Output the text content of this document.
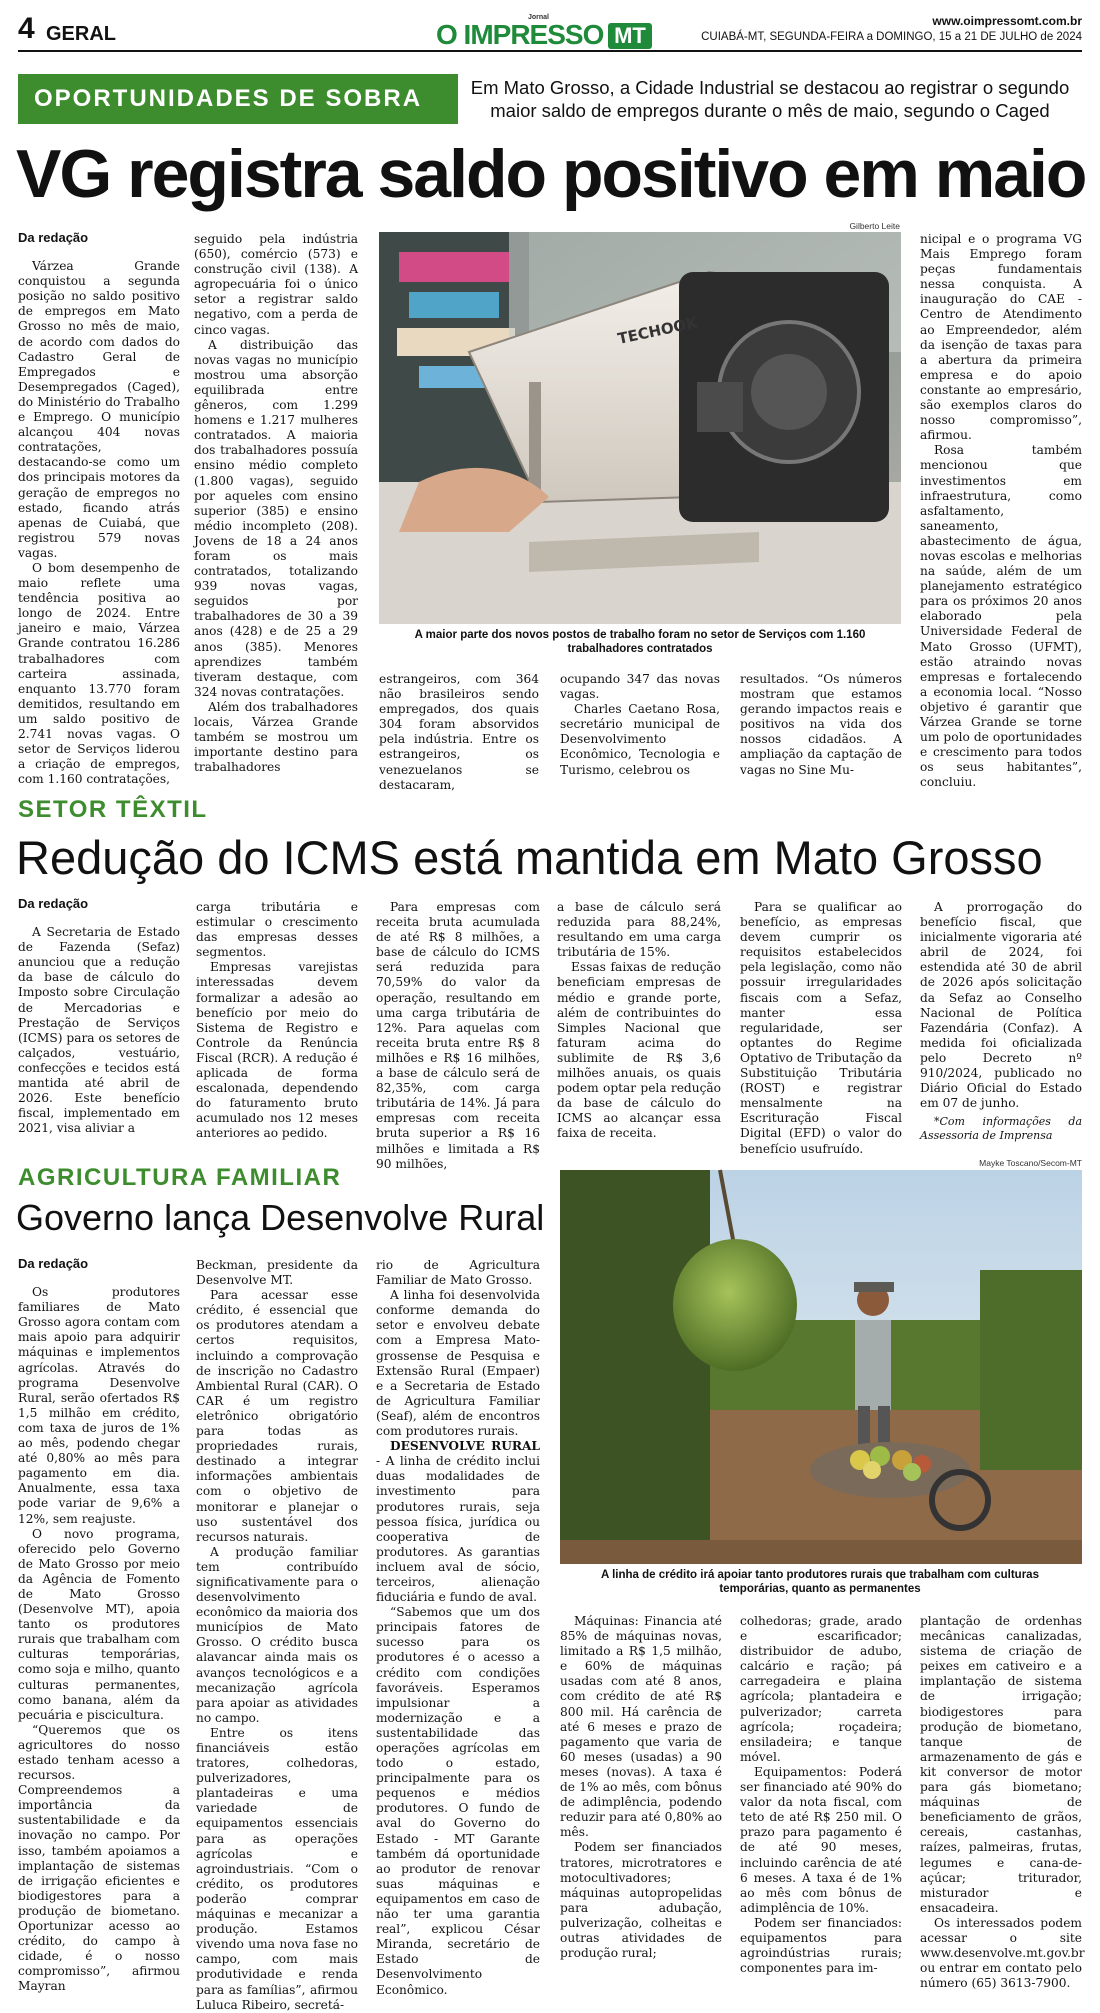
4 GERAL
Jornal
O IMPRESSO MT
www.oimpressomt.com.br
CUIABÁ-MT, SEGUNDA-FEIRA a DOMINGO, 15 a 21 DE JULHO de 2024
OPORTUNIDADES DE SOBRA	Em Mato Grosso, a Cidade Industrial se destacou ao registrar o segundo
maior saldo de empregos durante o mês de maio, segundo o Caged
VG registra saldo positivo em maio

Da redação

Várzea Grande conquistou a segunda posição no saldo positivo de empregos em Mato Grosso no mês de maio, de acordo com dados do Cadastro Geral de Empregados e Desempregados (Caged), do Ministério do Trabalho e Emprego. O município alcançou 404 novas contratações, destacando-se como um dos principais motores da geração de empregos no estado, ficando atrás apenas de Cuiabá, que registrou 579 novas vagas.

O bom desempenho de maio reflete uma tendência positiva ao longo de 2024. Entre janeiro e maio, Várzea Grande contratou 16.286 trabalhadores com carteira assinada, enquanto 13.770 foram demitidos, resultando em um saldo positivo de 2.741 novas vagas. O setor de Serviços liderou a criação de empregos, com 1.160 contratações,

seguido pela indústria (650), comércio (573) e construção civil (138). A agropecuária foi o único setor a registrar saldo negativo, com a perda de cinco vagas.

A distribuição das novas vagas no município mostrou uma absorção equilibrada entre gêneros, com 1.299 homens e 1.217 mulheres contratados. A maioria dos trabalhadores possuía ensino médio completo (1.800 vagas), seguido por aqueles com ensino superior (385) e ensino médio incompleto (208). Jovens de 18 a 24 anos foram os mais contratados, totalizando 939 novas vagas, seguidos por trabalhadores de 30 a 39 anos (428) e de 25 a 29 anos (385). Menores aprendizes também tiveram destaque, com 324 novas contratações.

Além dos trabalhadores locais, Várzea Grande também se mostrou um importante destino para trabalhadores

Gilberto Leite
TECHOOK
A maior parte dos novos postos de trabalho foram no setor de Serviços com 1.160 trabalhadores contratados

estrangeiros, com 364 não brasileiros sendo empregados, dos quais 304 foram absorvidos pela indústria. Entre os estrangeiros, os venezuelanos se destacaram,

ocupando 347 das novas vagas.

Charles Caetano Rosa, secretário municipal de Desenvolvimento Econômico, Tecnologia e Turismo, celebrou os

resultados. “Os números mostram que estamos gerando impactos reais e positivos na vida dos nossos cidadãos. A ampliação da captação de vagas no Sine Mu-

nicipal e o programa VG Mais Emprego foram peças fundamentais nessa conquista. A inauguração do CAE - Centro de Atendimento ao Empreendedor, além da isenção de taxas para a abertura da primeira empresa e do apoio constante ao empresário, são exemplos claros do nosso compromisso”, afirmou.

Rosa também mencionou que investimentos em infraestrutura, como asfaltamento, saneamento, abastecimento de água, novas escolas e melhorias na saúde, além de um planejamento estratégico para os próximos 20 anos elaborado pela Universidade Federal de Mato Grosso (UFMT), estão atraindo novas empresas e fortalecendo a economia local. “Nosso objetivo é garantir que Várzea Grande se torne um polo de oportunidades e crescimento para todos os seus habitantes”, concluiu.

SETOR TÊXTIL
Redução do ICMS está mantida em Mato Grosso

Da redação

A Secretaria de Estado de Fazenda (Sefaz) anunciou que a redução da base de cálculo do Imposto sobre Circulação de Mercadorias e Prestação de Serviços (ICMS) para os setores de calçados, vestuário, confecções e tecidos está mantida até abril de 2026. Este benefício fiscal, implementado em 2021, visa aliviar a

carga tributária e estimular o crescimento das empresas desses segmentos.

Empresas varejistas interessadas devem formalizar a adesão ao benefício por meio do Sistema de Registro e Controle da Renúncia Fiscal (RCR). A redução é aplicada de forma escalonada, dependendo do faturamento bruto acumulado nos 12 meses anteriores ao pedido.

Para empresas com receita bruta acumulada de até R$ 8 milhões, a base de cálculo do ICMS será reduzida para 70,59% do valor da operação, resultando em uma carga tributária de 12%. Para aquelas com receita bruta entre R$ 8 milhões e R$ 16 milhões, a base de cálculo será de 82,35%, com carga tributária de 14%. Já para empresas com receita bruta superior a R$ 16 milhões e limitada a R$ 90 milhões,

a base de cálculo será reduzida para 88,24%, resultando em uma carga tributária de 15%.

Essas faixas de redução beneficiam empresas de médio e grande porte, além de contribuintes do Simples Nacional que faturam acima do sublimite de R$ 3,6 milhões anuais, os quais podem optar pela redução da base de cálculo do ICMS ao alcançar essa faixa de receita.

Para se qualificar ao benefício, as empresas devem cumprir os requisitos estabelecidos pela legislação, como não possuir irregularidades fiscais com a Sefaz, manter essa regularidade, ser optantes do Regime Optativo de Tributação da Substituição Tributária (ROST) e registrar mensalmente na Escrituração Fiscal Digital (EFD) o valor do benefício usufruído.

A prorrogação do benefício fiscal, que inicialmente vigoraria até abril de 2024, foi estendida até 30 de abril de 2026 após solicitação da Sefaz ao Conselho Nacional de Política Fazendária (Confaz). A medida foi oficializada pelo Decreto nº 910/2024, publicado no Diário Oficial do Estado em 07 de junho.

*Com informações da Assessoria de Imprensa

AGRICULTURA FAMILIAR
Governo lança Desenvolve Rural
Mayke Toscano/Secom-MT
A linha de crédito irá apoiar tanto produtores rurais que trabalham com culturas temporárias, quanto as permanentes

Da redação

Os produtores familiares de Mato Grosso agora contam com mais apoio para adquirir máquinas e implementos agrícolas. Através do programa Desenvolve Rural, serão ofertados R$ 1,5 milhão em crédito, com taxa de juros de 1% ao mês, podendo chegar até 0,80% ao mês para pagamento em dia. Anualmente, essa taxa pode variar de 9,6% a 12%, sem reajuste.

O novo programa, oferecido pelo Governo de Mato Grosso por meio da Agência de Fomento de Mato Grosso (Desenvolve MT), apoia tanto os produtores rurais que trabalham com culturas temporárias, como soja e milho, quanto culturas permanentes, como banana, além da pecuária e piscicultura.

“Queremos que os agricultores do nosso estado tenham acesso a recursos. Compreendemos a importância da sustentabilidade e da inovação no campo. Por isso, também apoiamos a implantação de sistemas de irrigação eficientes e biodigestores para a produção de biometano. Oportunizar acesso ao crédito, do campo à cidade, é o nosso compromisso”, afirmou Mayran

Beckman, presidente da Desenvolve MT.

Para acessar esse crédito, é essencial que os produtores atendam a certos requisitos, incluindo a comprovação de inscrição no Cadastro Ambiental Rural (CAR). O CAR é um registro eletrônico obrigatório para todas as propriedades rurais, destinado a integrar informações ambientais com o objetivo de monitorar e planejar o uso sustentável dos recursos naturais.

A produção familiar tem contribuído significativamente para o desenvolvimento econômico da maioria dos municípios de Mato Grosso. O crédito busca alavancar ainda mais os avanços tecnológicos e a mecanização agrícola para apoiar as atividades no campo.

Entre os itens financiáveis estão tratores, colhedoras, pulverizadores, plantadeiras e uma variedade de equipamentos essenciais para as operações agrícolas e agroindustriais. “Com o crédito, os produtores poderão comprar máquinas e mecanizar a produção. Estamos vivendo uma nova fase no campo, com mais produtividade e renda para as famílias”, afirmou Luluca Ribeiro, secretá-

rio de Agricultura Familiar de Mato Grosso.

A linha foi desenvolvida conforme demanda do setor e envolveu debate com a Empresa Mato-grossense de Pesquisa e Extensão Rural (Empaer) e a Secretaria de Estado de Agricultura Familiar (Seaf), além de encontros com produtores rurais.

DESENVOLVE RURAL - A linha de crédito inclui duas modalidades de investimento para produtores rurais, seja pessoa física, jurídica ou cooperativa de produtores. As garantias incluem aval de sócio, terceiros, alienação fiduciária e fundo de aval.

“Sabemos que um dos principais fatores de sucesso para os produtores é o acesso a crédito com condições favoráveis. Esperamos impulsionar a modernização e a sustentabilidade das operações agrícolas em todo o estado, principalmente para os pequenos e médios produtores. O fundo de aval do Governo do Estado - MT Garante também dá oportunidade ao produtor de renovar suas máquinas e equipamentos em caso de não ter uma garantia real”, explicou César Miranda, secretário de Estado de Desenvolvimento Econômico.

Máquinas: Financia até 85% de máquinas novas, limitado a R$ 1,5 milhão, e 60% de máquinas usadas com até 8 anos, com crédito de até R$ 800 mil. Há carência de até 6 meses e prazo de pagamento que varia de 60 meses (usadas) a 90 meses (novas). A taxa é de 1% ao mês, com bônus de adimplência, podendo reduzir para até 0,80% ao mês.

Podem ser financiados tratores, microtratores e motocultivadores; máquinas autopropelidas para adubação, pulverização, colheitas e outras atividades de produção rural;

colhedoras; grade, arado e escarificador; distribuidor de adubo, calcário e ração; pá carregadeira e plaina agrícola; plantadeira e pulverizador; carreta agrícola; roçadeira; ensiladeira; e tanque móvel.

Equipamentos: Poderá ser financiado até 90% do valor da nota fiscal, com teto de até R$ 250 mil. O prazo para pagamento é de até 90 meses, incluindo carência de até 6 meses. A taxa é de 1% ao mês com bônus de adimplência de 10%.

Podem ser financiados: equipamentos para agroindústrias rurais; componentes para im-

plantação de ordenhas mecânicas canalizadas, sistema de criação de peixes em cativeiro e a implantação de sistema de irrigação; biodigestores para produção de biometano, tanque de armazenamento de gás e kit conversor de motor para gás biometano; máquinas de beneficiamento de grãos, cereais, castanhas, raízes, palmeiras, frutas, legumes e cana-de-açúcar; triturador, misturador e ensacadeira.

Os interessados podem acessar o site www.desenvolve.mt.gov.br ou entrar em contato pelo número (65) 3613-7900.
